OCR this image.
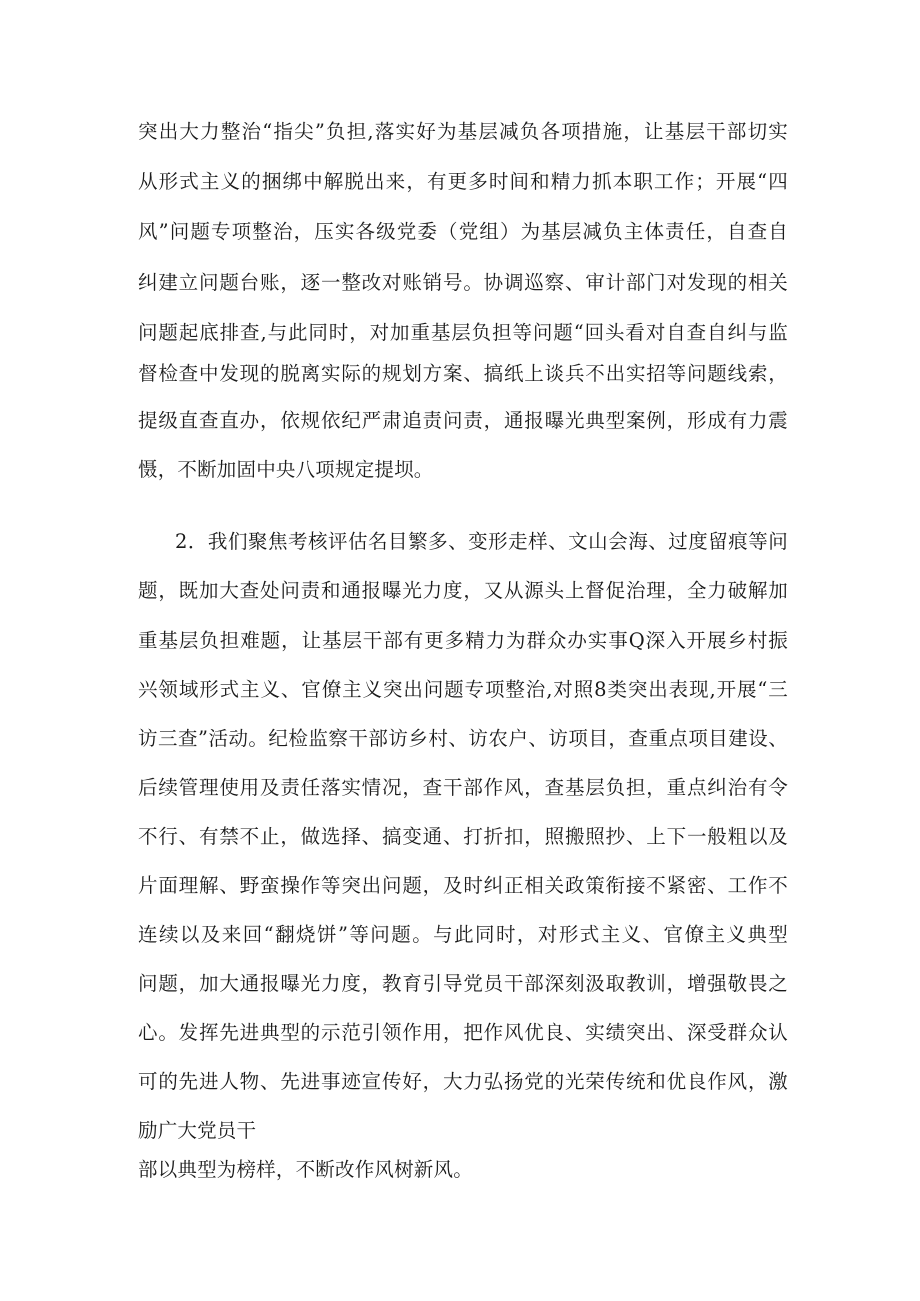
突出大力整治“指尖”负担,落实好为基层减负各项措施，让基层干部切实
从形式主义的捆绑中解脱出来，有更多时间和精力抓本职工作；开展“四
风”问题专项整治，压实各级党委（党组）为基层减负主体责任，自查自
纠建立问题台账，逐一整改对账销号。协调巡察、审计部门对发现的相关
问题起底排查,与此同时，对加重基层负担等问题“回头看对自查自纠与监
督检查中发现的脱离实际的规划方案、搞纸上谈兵不出实招等问题线索，
提级直查直办，依规依纪严肃追责问责，通报曝光典型案例，形成有力震
慑，不断加固中央八项规定提坝。
2．我们聚焦考核评估名目繁多、变形走样、文山会海、过度留痕等问
题，既加大查处问责和通报曝光力度，又从源头上督促治理，全力破解加
重基层负担难题，让基层干部有更多精力为群众办实事Q深入开展乡村振
兴领域形式主义、官僚主义突出问题专项整治,对照8类突出表现,开展“三
访三查”活动。纪检监察干部访乡村、访农户、访项目，查重点项目建设、
后续管理使用及责任落实情况，查干部作风，查基层负担，重点纠治有令
不行、有禁不止，做选择、搞变通、打折扣，照搬照抄、上下一般粗以及
片面理解、野蛮操作等突出问题，及时纠正相关政策衔接不紧密、工作不
连续以及来回“翻烧饼”等问题。与此同时，对形式主义、官僚主义典型
问题，加大通报曝光力度，教育引导党员干部深刻汲取教训，增强敬畏之
心。发挥先进典型的示范引领作用，把作风优良、实绩突出、深受群众认
可的先进人物、先进事迹宣传好，大力弘扬党的光荣传统和优良作风，激
励广大党员干
部以典型为榜样，不断改作风树新风。
